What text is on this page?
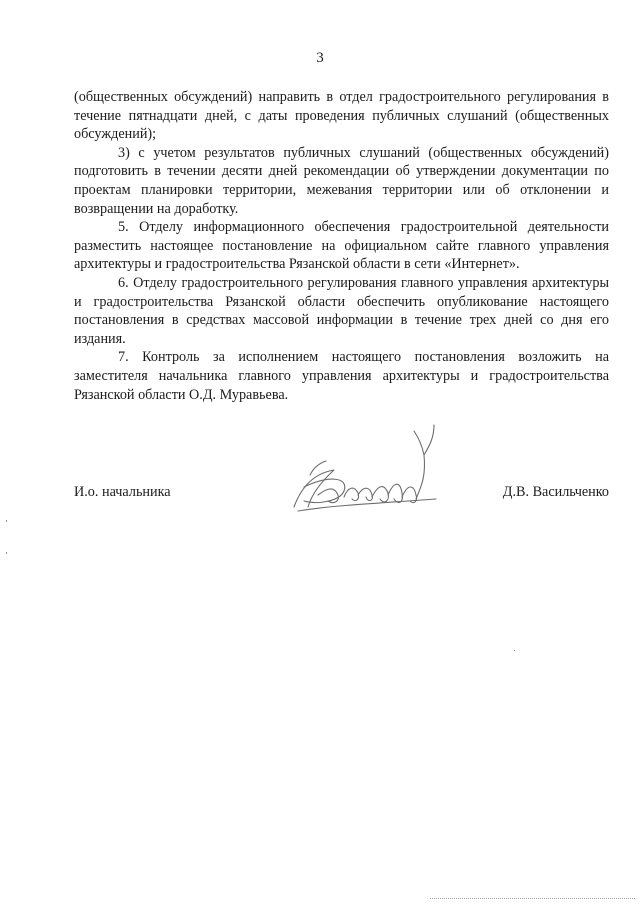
3

(общественных обсуждений) направить в отдел градостроительного регулирования в течение пятнадцати дней, с даты проведения публичных слушаний (общественных обсуждений);

3) с учетом результатов публичных слушаний (общественных обсуждений) подготовить в течении десяти дней рекомендации об утверждении документации по проектам планировки территории, межевания территории или об отклонении и возвращении на доработку.

5. Отделу информационного обеспечения градостроительной деятельности разместить настоящее постановление на официальном сайте главного управления архитектуры и градостроительства Рязанской области в сети «Интернет».

6. Отделу градостроительного регулирования главного управления архитектуры и градостроительства Рязанской области обеспечить опубликование настоящего постановления в средствах массовой информации в течение трех дней со дня его издания.

7. Контроль за исполнением настоящего постановления возложить на заместителя начальника главного управления архитектуры и градостроительства Рязанской области О.Д. Муравьева.

И.о. начальника	Д.В. Васильченко
